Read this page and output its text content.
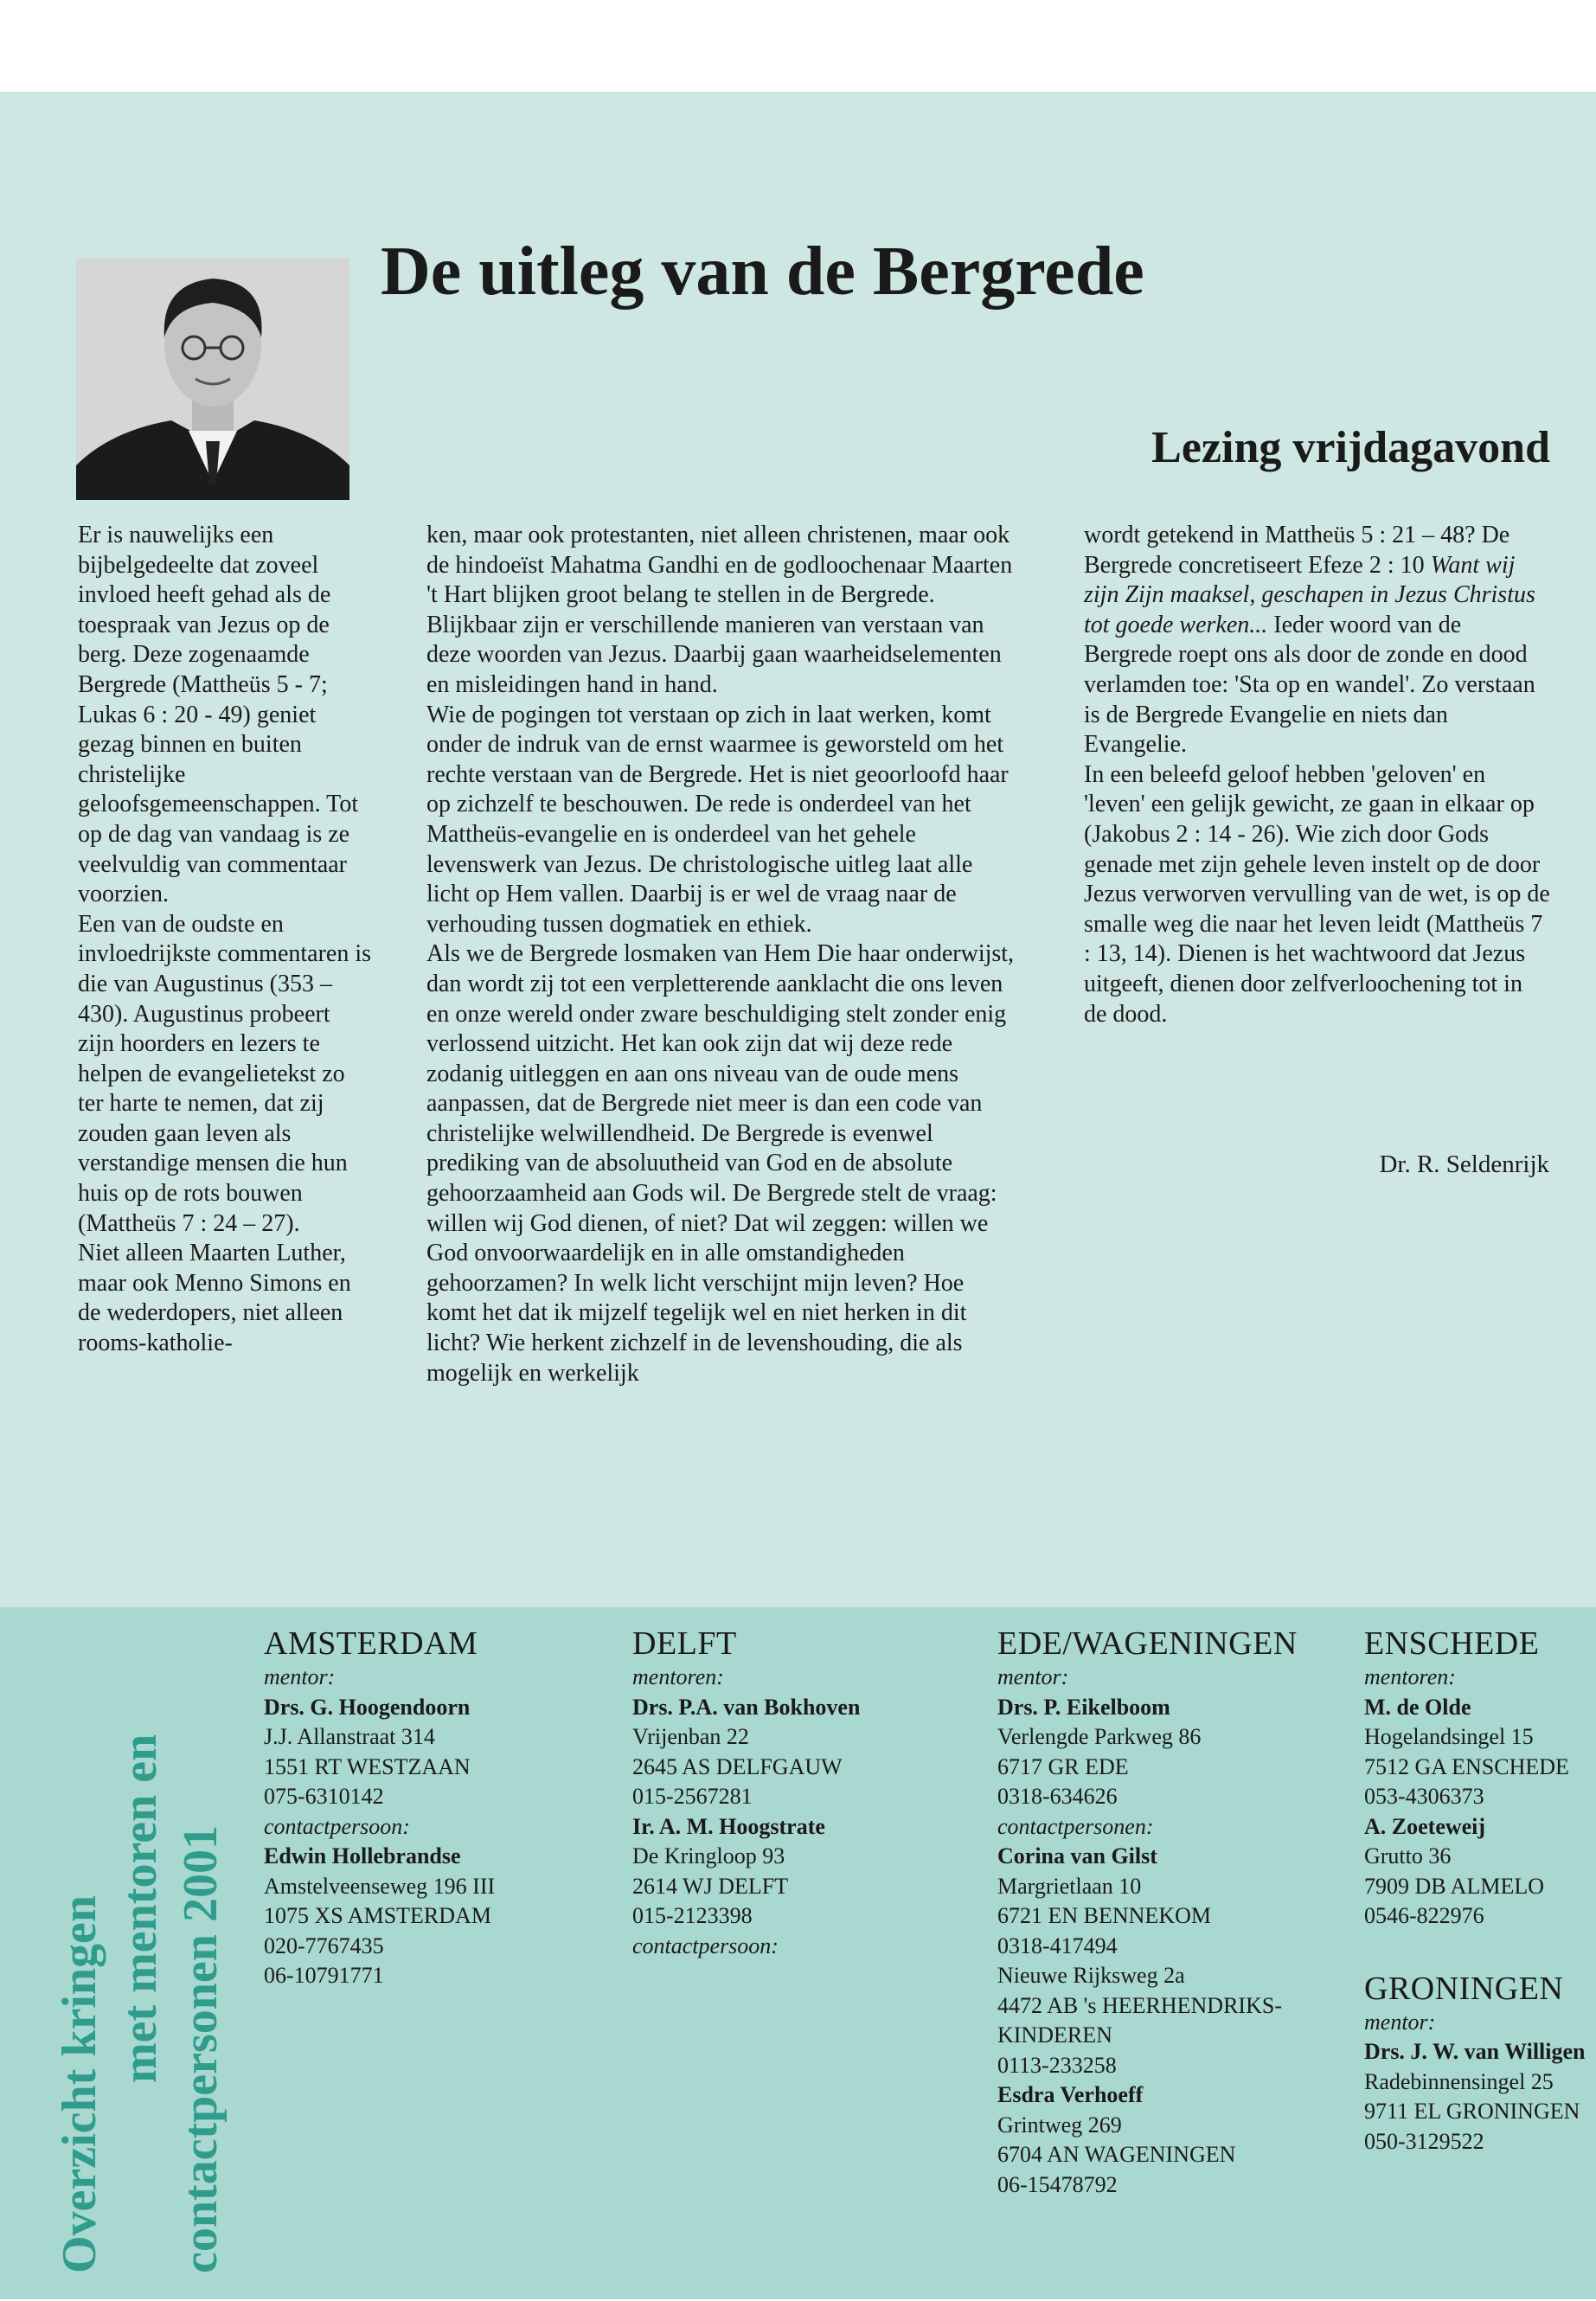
De uitleg van de Bergrede
Lezing vrijdagavond

Er is nauwelijks een bijbelgedeelte dat zoveel invloed heeft gehad als de toespraak van Jezus op de berg. Deze zogenaamde Bergrede (Mattheüs 5 - 7; Lukas 6 : 20 - 49) geniet gezag binnen en buiten christelijke geloofsgemeenschappen. Tot op de dag van vandaag is ze veelvuldig van commentaar voorzien.

Een van de oudste en invloedrijkste commentaren is die van Augustinus (353 – 430). Augustinus probeert zijn hoorders en lezers te helpen de evangelietekst zo ter harte te nemen, dat zij zouden gaan leven als verstandige mensen die hun huis op de rots bouwen (Mattheüs 7 : 24 – 27).

Niet alleen Maarten Luther, maar ook Menno Simons en de wederdopers, niet alleen rooms-katholie-

ken, maar ook protestanten, niet alleen christenen, maar ook de hindoeïst Mahatma Gandhi en de godloochenaar Maarten 't Hart blijken groot belang te stellen in de Bergrede. Blijkbaar zijn er verschillende manieren van verstaan van deze woorden van Jezus. Daarbij gaan waarheidselementen en misleidingen hand in hand.

Wie de pogingen tot verstaan op zich in laat werken, komt onder de indruk van de ernst waarmee is geworsteld om het rechte verstaan van de Bergrede. Het is niet geoorloofd haar op zichzelf te beschouwen. De rede is onderdeel van het Mattheüs-evangelie en is onderdeel van het gehele levenswerk van Jezus. De christologische uitleg laat alle licht op Hem vallen. Daarbij is er wel de vraag naar de verhouding tussen dogmatiek en ethiek.

Als we de Bergrede losmaken van Hem Die haar onderwijst, dan wordt zij tot een verpletterende aanklacht die ons leven en onze wereld onder zware beschuldiging stelt zonder enig verlossend uitzicht. Het kan ook zijn dat wij deze rede zodanig uitleggen en aan ons niveau van de oude mens aanpassen, dat de Bergrede niet meer is dan een code van christelijke welwillendheid. De Bergrede is evenwel prediking van de absoluutheid van God en de absolute gehoorzaamheid aan Gods wil. De Bergrede stelt de vraag: willen wij God dienen, of niet? Dat wil zeggen: willen we God onvoorwaardelijk en in alle omstandigheden gehoorzamen? In welk licht verschijnt mijn leven? Hoe komt het dat ik mijzelf tegelijk wel en niet herken in dit licht? Wie herkent zichzelf in de levenshouding, die als mogelijk en werkelijk

wordt getekend in Mattheüs 5 : 21 – 48? De Bergrede concretiseert Efeze 2 : 10 Want wij zijn Zijn maaksel, geschapen in Jezus Christus tot goede werken... Ieder woord van de Bergrede roept ons als door de zonde en dood verlamden toe: 'Sta op en wandel'. Zo verstaan is de Bergrede Evangelie en niets dan Evangelie.

In een beleefd geloof hebben 'geloven' en 'leven' een gelijk gewicht, ze gaan in elkaar op (Jakobus 2 : 14 - 26). Wie zich door Gods genade met zijn gehele leven instelt op de door Jezus verworven vervulling van de wet, is op de smalle weg die naar het leven leidt (Mattheüs 7 : 13, 14). Dienen is het wachtwoord dat Jezus uitgeeft, dienen door zelfverloochening tot in de dood.

Dr. R. Seldenrijk
Overzicht kringen met mentoren en contactpersonen 2001
AMSTERDAM
mentor:
Drs. G. Hoogendoorn
J.J. Allanstraat 314
1551 RT WESTZAAN
075-6310142
contactpersoon:
Edwin Hollebrandse
Amstelveenseweg 196 III
1075 XS AMSTERDAM
020-7767435
06-10791771
DELFT
mentoren:
Drs. P.A. van Bokhoven
Vrijenban 22
2645 AS DELFGAUW
015-2567281
Ir. A. M. Hoogstrate
De Kringloop 93
2614 WJ DELFT
015-2123398
contactpersoon:
EDE/WAGENINGEN
mentor:
Drs. P. Eikelboom
Verlengde Parkweg 86
6717 GR EDE
0318-634626
contactpersonen:
Corina van Gilst
Margrietlaan 10
6721 EN BENNEKOM
0318-417494
Nieuwe Rijksweg 2a
4472 AB 's HEERHENDRIKS-
KINDEREN
0113-233258
Esdra Verhoeff
Grintweg 269
6704 AN WAGENINGEN
06-15478792
ENSCHEDE
mentoren:
M. de Olde
Hogelandsingel 15
7512 GA ENSCHEDE
053-4306373
A. Zoeteweij
Grutto 36
7909 DB ALMELO
0546-822976
GRONINGEN
mentor:
Drs. J. W. van Willigen
Radebinnensingel 25
9711 EL GRONINGEN
050-3129522
